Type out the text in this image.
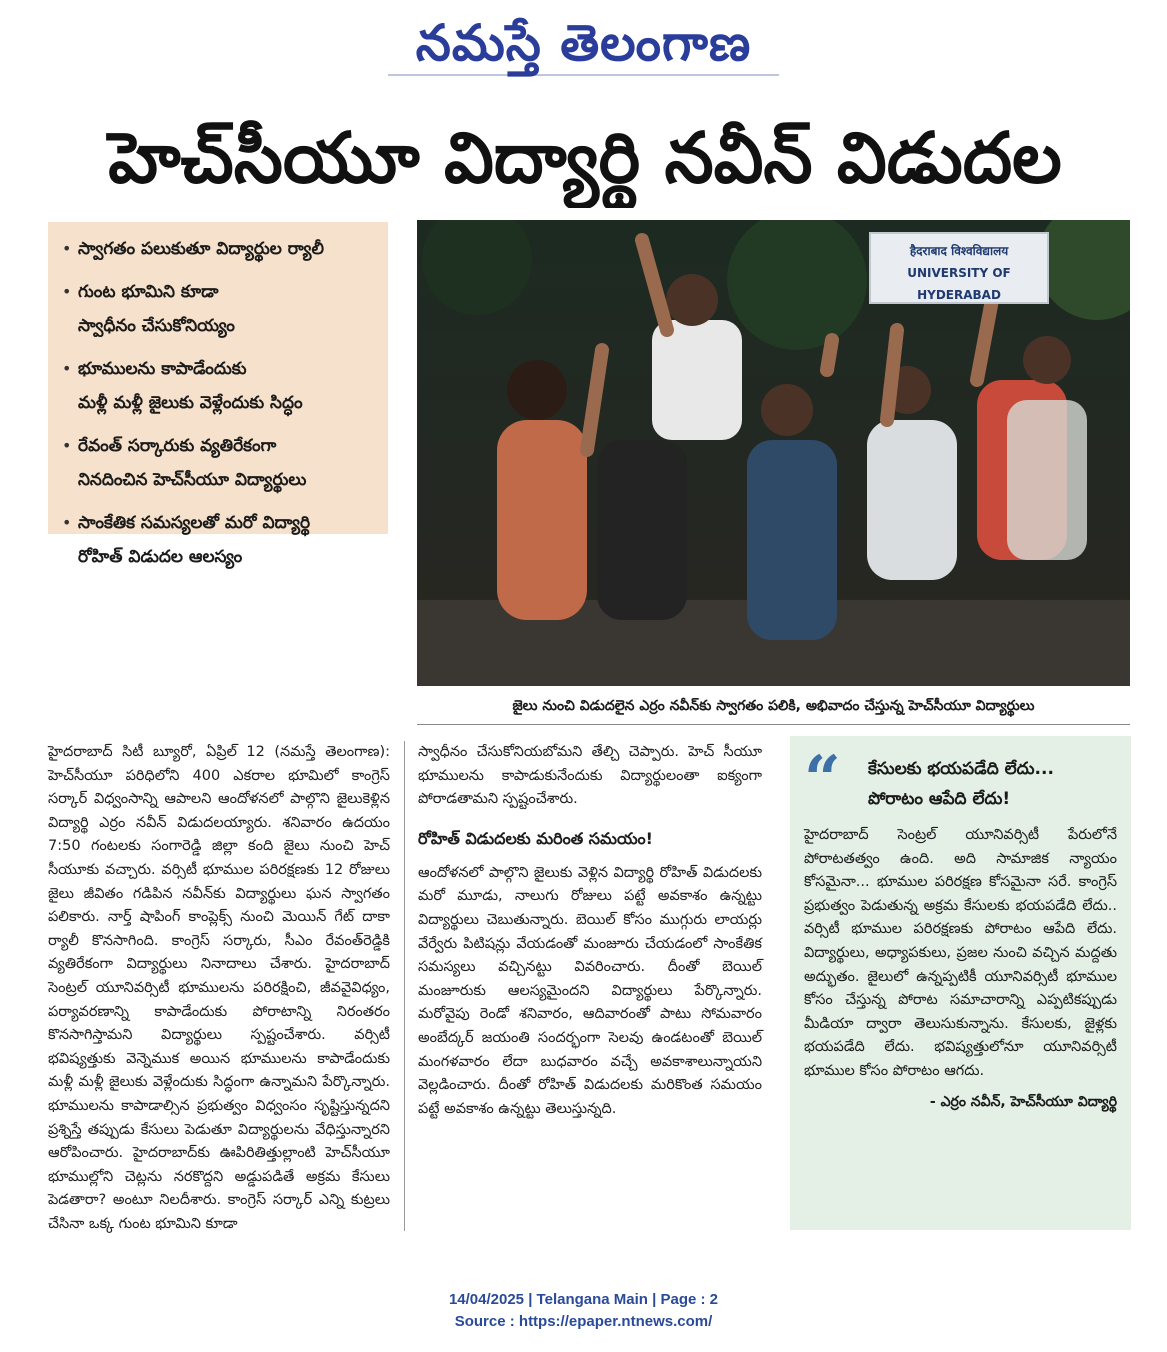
నమస్తే తెలంగాణ
హెచ్‌సీయూ విద్యార్థి నవీన్ విడుదల
• స్వాగతం పలుకుతూ విద్యార్థుల ర్యాలీ
• గుంట భూమిని కూడా
స్వాధీనం చేసుకోనియ్యం
• భూములను కాపాడేందుకు
మళ్లీ మళ్లీ జైలుకు వెళ్లేందుకు సిద్ధం
• రేవంత్ సర్కారుకు వ్యతిరేకంగా
నినదించిన హెచ్‌సీయూ విద్యార్థులు
• సాంకేతిక సమస్యలతో మరో విద్యార్థి
రోహిత్ విడుదల ఆలస్యం
हैदराबाद विश्वविद्यालय
UNIVERSITY OF HYDERABAD
జైలు నుంచి విడుదలైన ఎర్రం నవీన్‌కు స్వాగతం పలికి, అభివాదం చేస్తున్న హెచ్‌సీయూ విద్యార్థులు
హైదరాబాద్ సిటీ బ్యూరో, ఏప్రిల్ 12 (నమస్తే తెలంగాణ): హెచ్‌సీయూ పరిధిలోని 400 ఎకరాల భూమిలో కాంగ్రెస్ సర్కార్ విధ్వంసాన్ని ఆపాలని ఆందోళనలో పాల్గొని జైలుకెళ్లిన విద్యార్థి ఎర్రం నవీన్ విడుదలయ్యారు. శనివారం ఉదయం 7:50 గంటలకు సంగారెడ్డి జిల్లా కంది జైలు నుంచి హెచ్ సీయూకు వచ్చారు. వర్సిటీ భూముల పరిరక్షణకు 12 రోజులు జైలు జీవితం గడిపిన నవీన్‌కు విద్యార్థులు ఘన స్వాగతం పలికారు. నార్త్ షాపింగ్ కాంప్లెక్స్ నుంచి మెయిన్ గేట్ దాకా ర్యాలీ కొనసాగింది. కాంగ్రెస్ సర్కారు, సీఎం రేవంత్‌రెడ్డికి వ్యతిరేకంగా విద్యార్థులు నినాదాలు చేశారు. హైదరాబాద్ సెంట్రల్ యూనివర్సిటీ భూములను పరిరక్షించి, జీవవైవిధ్యం, పర్యావరణాన్ని కాపాడేందుకు పోరాటాన్ని నిరంతరం కొనసాగిస్తామని విద్యార్థులు స్పష్టంచేశారు. వర్సిటీ భవిష్యత్తుకు వెన్నెముక అయిన భూములను కాపాడేందుకు మళ్లీ మళ్లీ జైలుకు వెళ్లేందుకు సిద్ధంగా ఉన్నామని పేర్కొన్నారు. భూములను కాపాడాల్సిన ప్రభుత్వం విధ్వంసం సృష్టిస్తున్నదని ప్రశ్నిస్తే తప్పుడు కేసులు పెడుతూ విద్యార్థులను వేధిస్తున్నారని ఆరోపించారు. హైదరాబాద్‌కు ఊపిరితిత్తుల్లాంటి హెచ్‌సీయూ భూముల్లోని చెట్లను నరకొద్దని అడ్డుపడితే అక్రమ కేసులు పెడతారా? అంటూ నిలదీశారు. కాంగ్రెస్ సర్కార్ ఎన్ని కుట్రలు చేసినా ఒక్క గుంట భూమిని కూడా
స్వాధీనం చేసుకోనియబోమని తేల్చి చెప్పారు. హెచ్ సీయూ భూములను కాపాడుకునేందుకు విద్యార్థులంతా ఐక్యంగా పోరాడతామని స్పష్టంచేశారు.
రోహిత్ విడుదలకు మరింత సమయం!
ఆందోళనలో పాల్గొని జైలుకు వెళ్లిన విద్యార్థి రోహిత్ విడుదలకు మరో మూడు, నాలుగు రోజులు పట్టే అవకాశం ఉన్నట్టు విద్యార్థులు చెబుతున్నారు. బెయిల్ కోసం ముగ్గురు లాయర్లు వేర్వేరు పిటిషన్లు వేయడంతో మంజూరు చేయడంలో సాంకేతిక సమస్యలు వచ్చినట్టు వివరించారు. దీంతో బెయిల్ మంజూరుకు ఆలస్యమైందని విద్యార్థులు పేర్కొన్నారు. మరోవైపు రెండో శనివారం, ఆదివారంతో పాటు సోమవారం అంబేద్కర్ జయంతి సందర్భంగా సెలవు ఉండటంతో బెయిల్ మంగళవారం లేదా బుధవారం వచ్చే అవకాశాలున్నాయని వెల్లడించారు. దీంతో రోహిత్ విడుదలకు మరికొంత సమయం పట్టే అవకాశం ఉన్నట్టు తెలుస్తున్నది.
“ కేసులకు భయపడేది లేదు...
పోరాటం ఆపేది లేదు!
హైదరాబాద్ సెంట్రల్ యూనివర్సిటీ పేరులోనే పోరాటతత్వం ఉంది. అది సామాజిక న్యాయం కోసమైనా... భూముల పరిరక్షణ కోసమైనా సరే. కాంగ్రెస్ ప్రభుత్వం పెడుతున్న అక్రమ కేసులకు భయపడేది లేదు.. వర్సిటీ భూముల పరిరక్షణకు పోరాటం ఆపేది లేదు. విద్యార్థులు, అధ్యాపకులు, ప్రజల నుంచి వచ్చిన మద్దతు అద్భుతం. జైలులో ఉన్నప్పటికీ యూనివర్సిటీ భూముల కోసం చేస్తున్న పోరాట సమాచారాన్ని ఎప్పటికప్పుడు మీడియా ద్వారా తెలుసుకున్నాను. కేసులకు, జైళ్లకు భయపడేది లేదు. భవిష్యత్తులోనూ యూనివర్సిటీ భూముల కోసం పోరాటం ఆగదు.
- ఎర్రం నవీన్, హెచ్‌సీయూ విద్యార్థి
14/04/2025 | Telangana Main | Page : 2
Source : https://epaper.ntnews.com/
